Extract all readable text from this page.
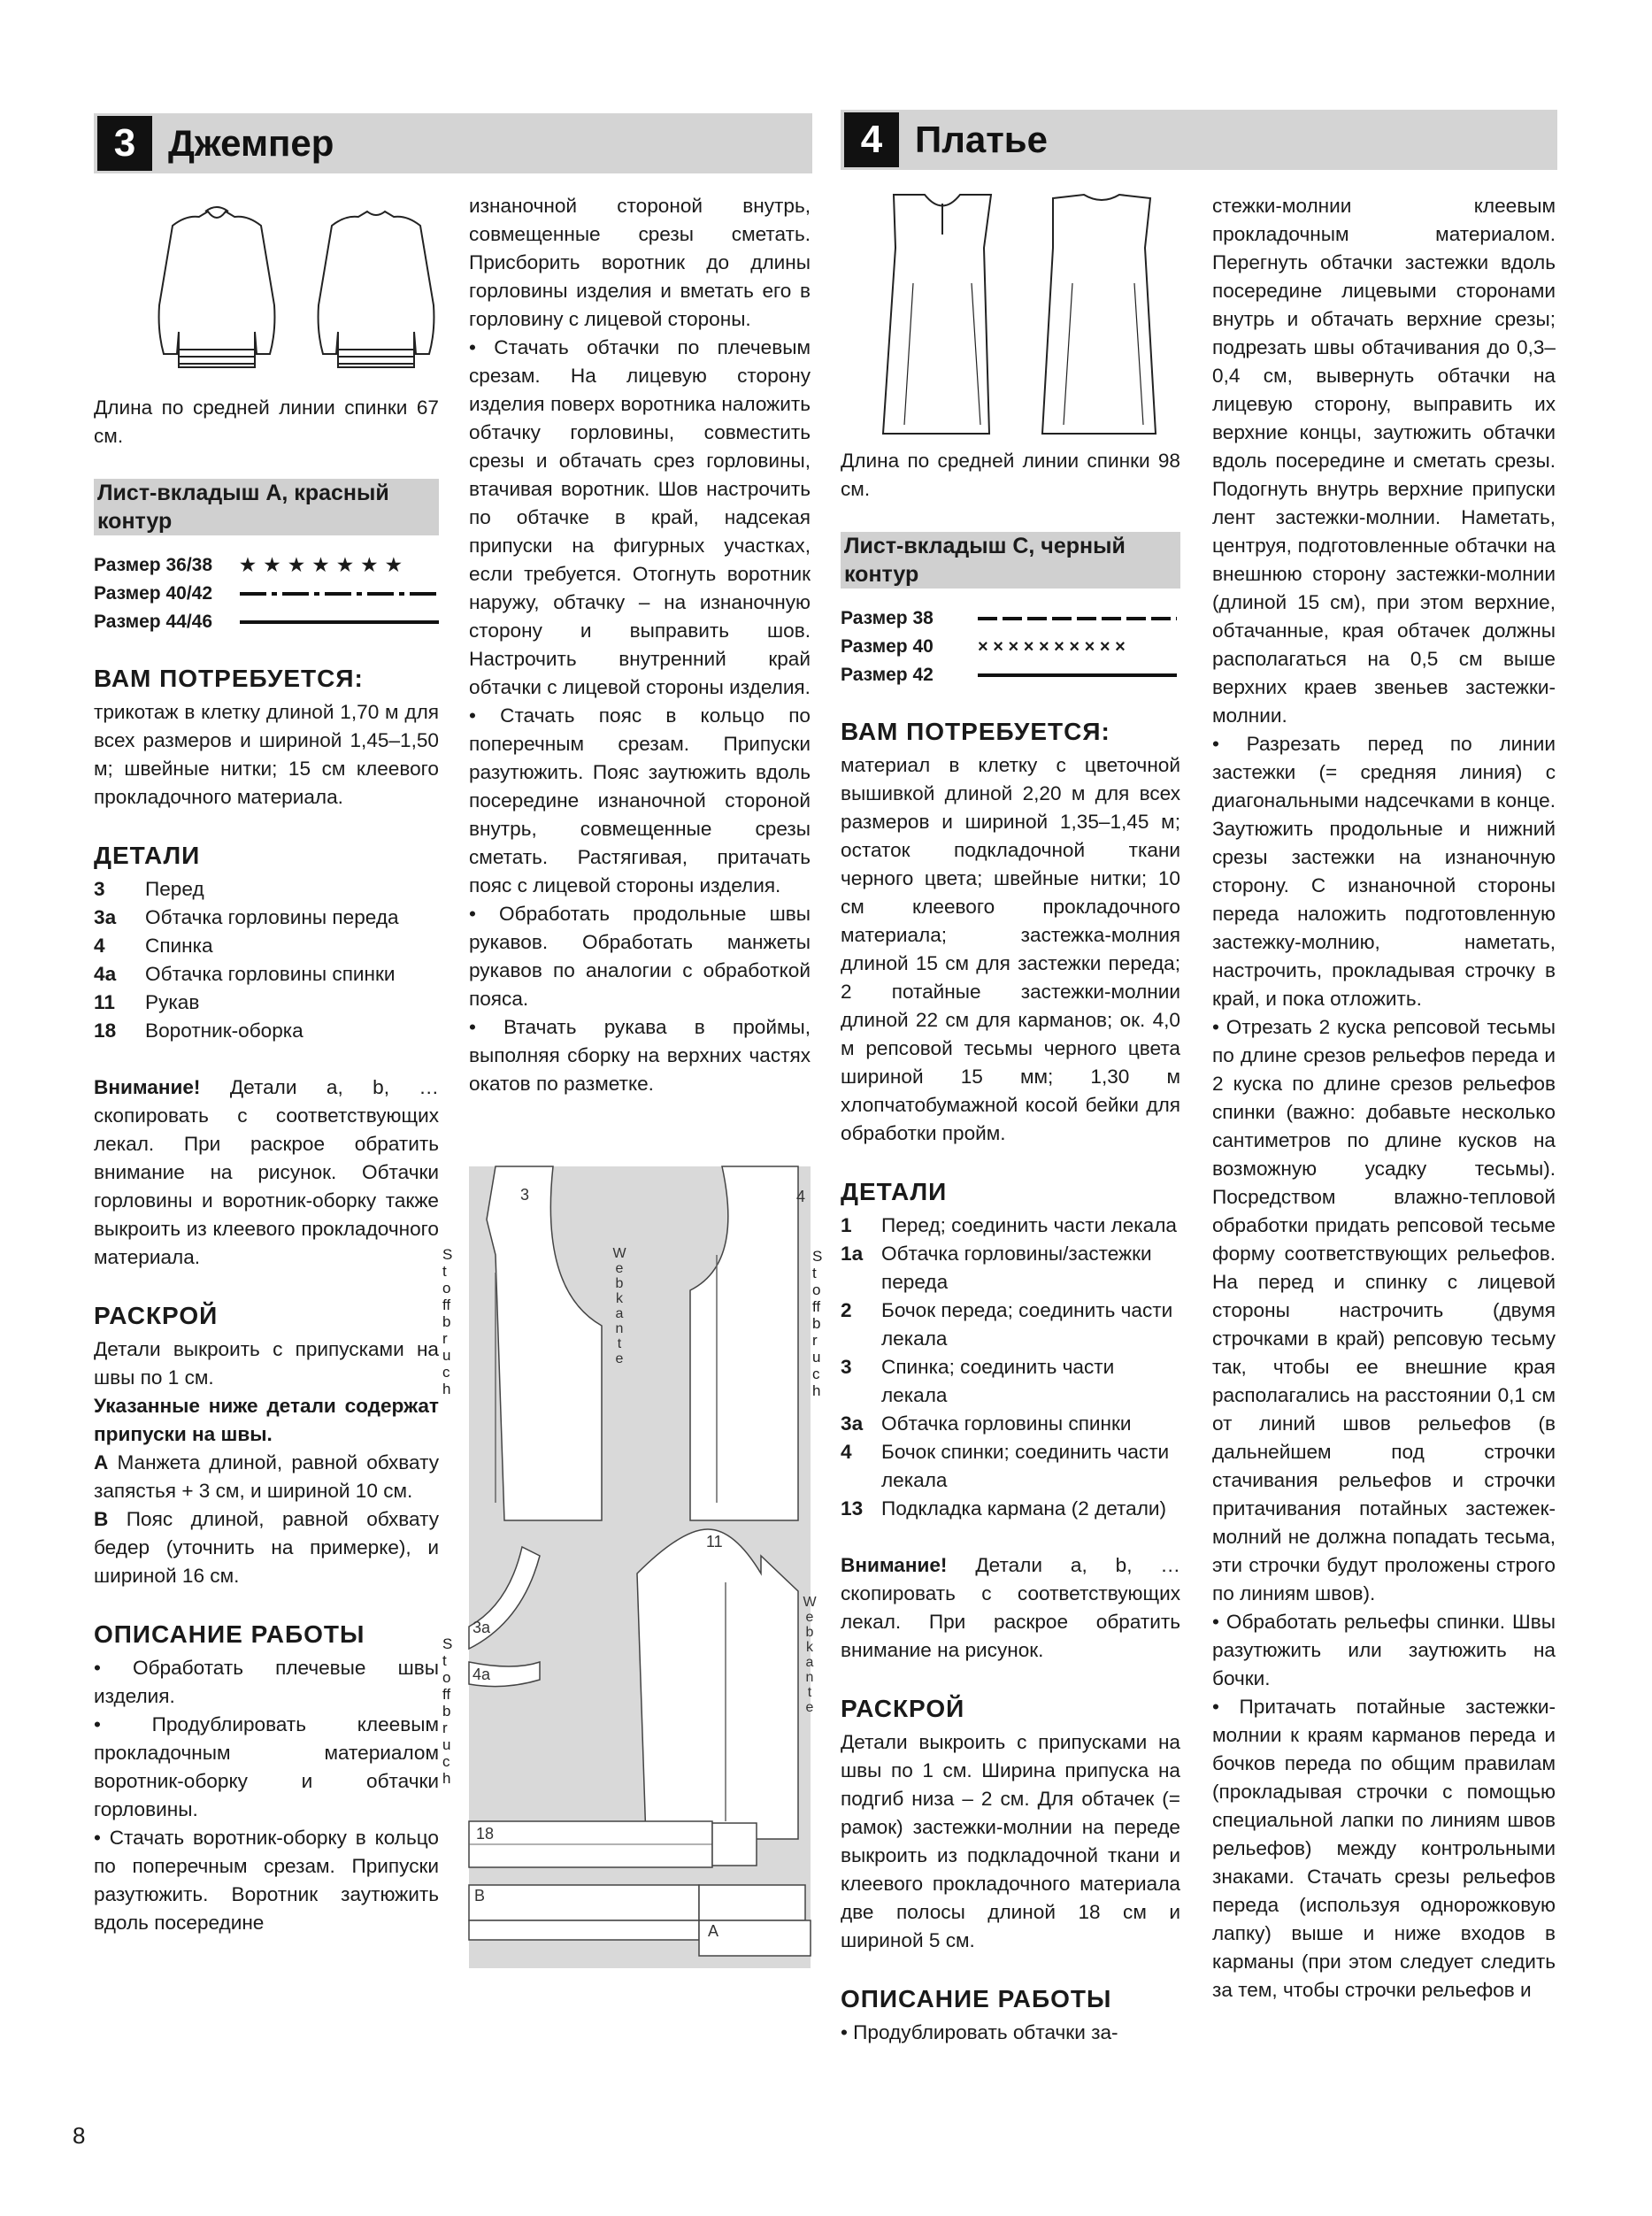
3 Джемпер

Длина по средней линии спинки 67 см.

Лист-вкладыш А, красный контур
Размер 36/38	★ ★ ★ ★ ★ ★ ★
Размер 40/42
Размер 44/46
ВАМ ПОТРЕБУЕТСЯ:

трикотаж в клетку длиной 1,70 м для всех размеров и шириной 1,45–1,50 м; швейные нитки; 15 см клеевого прокладочного материала.

ДЕТАЛИ
3	Перед
3а	Обтачка горловины переда
4	Спинка
4а	Обтачка горловины спинки
11	Рукав
18	Воротник-оборка

Внимание! Детали a, b, … скопировать с соответствующих лекал. При раскрое обратить внимание на рисунок. Обтачки горловины и воротник-оборку также выкроить из клеевого прокладочного материала.

РАСКРОЙ

Детали выкроить с припусками на швы по 1 см.

Указанные ниже детали содержат припуски на швы.

А Манжета длиной, равной обхвату запястья + 3 см, и шириной 10 см.

В Пояс длиной, равной обхвату бедер (уточнить на примерке), и шириной 16 см.

ОПИСАНИЕ РАБОТЫ

• Обработать плечевые швы изделия.

• Продублировать клеевым прокладочным материалом воротник-оборку и обтачки горловины.

• Стачать воротник-оборку в кольцо по поперечным срезам. Припуски разутюжить. Воротник заутюжить вдоль посередине

изнаночной стороной внутрь, совмещенные срезы сметать. Присборить воротник до длины горловины изделия и вметать его в горловину с лицевой стороны.

• Стачать обтачки по плечевым срезам. На лицевую сторону изделия поверх воротника наложить обтачку горловины, совместить срезы и обтачать срез горловины, втачивая воротник. Шов настрочить по обтачке в край, надсекая припуски на фигурных участках, если требуется. Отогнуть воротник наружу, обтачку – на изнаночную сторону и выправить шов. Настрочить внутренний край обтачки с лицевой стороны изделия.

• Стачать пояс в кольцо по поперечным срезам. Припуски разутюжить. Пояс заутюжить вдоль посередине изнаночной стороной внутрь, совмещенные срезы сметать. Растягивая, притачать пояс с лицевой стороны изделия.

• Обработать продольные швы рукавов. Обработать манжеты рукавов по аналогии с обработкой пояса.

• Втачать рукава в проймы, выполняя сборку на верхних частях окатов по разметке.

3	4
11
3а
4а
18
B
A
Webkante
Webkante
Stoffbruch
Stoffbruch
Stoffbruch
4 Платье

Длина по средней линии спинки 98 см.

Лист-вкладыш С, черный контур
Размер 38
Размер 40	× × × × × × × × × ×
Размер 42
ВАМ ПОТРЕБУЕТСЯ:

материал в клетку с цветочной вышивкой длиной 2,20 м для всех размеров и шириной 1,35–1,45 м; остаток подкладочной ткани черного цвета; швейные нитки; 10 см клеевого прокладочного материала; застежка-молния длиной 15 см для застежки переда; 2 потайные застежки-молнии длиной 22 см для карманов; ок. 4,0 м репсовой тесьмы черного цвета шириной 15 мм; 1,30 м хлопчатобумажной косой бейки для обработки пройм.

ДЕТАЛИ
1	Перед; соединить части лекала
1а Обтачка горловины/застежки переда
2	Бочок переда; соединить части лекала
3	Спинка; соединить части лекала
3а Обтачка горловины спинки
4	Бочок спинки; соединить части лекала
13 Подкладка кармана (2 детали)

Внимание! Детали a, b, … скопировать с соответствующих лекал. При раскрое обратить внимание на рисунок.

РАСКРОЙ

Детали выкроить с припусками на швы по 1 см. Ширина припуска на подгиб низа – 2 см. Для обтачек (= рамок) застежки-молнии на переде выкроить из подкладочной ткани и клеевого прокладочного материала две полосы длиной 18 см и шириной 5 см.

ОПИСАНИЕ РАБОТЫ

• Продублировать обтачки за-

стежки-молнии клеевым прокладочным материалом. Перегнуть обтачки застежки вдоль посередине лицевыми сторонами внутрь и обтачать верхние срезы; подрезать швы обтачивания до 0,3–0,4 см, вывернуть обтачки на лицевую сторону, выправить их верхние концы, заутюжить обтачки вдоль посередине и сметать срезы. Подогнуть внутрь верхние припуски лент застежки-молнии. Наметать, центруя, подготовленные обтачки на внешнюю сторону застежки-молнии (длиной 15 см), при этом верхние, обтачанные, края обтачек должны располагаться на 0,5 см выше верхних краев звеньев застежки-молнии.

• Разрезать перед по линии застежки (= средняя линия) с диагональными надсечками в конце. Заутюжить продольные и нижний срезы застежки на изнаночную сторону. С изнаночной стороны переда наложить подготовленную застежку-молнию, наметать, настрочить, прокладывая строчку в край, и пока отложить.

• Отрезать 2 куска репсовой тесьмы по длине срезов рельефов переда и 2 куска по длине срезов рельефов спинки (важно: добавьте несколько сантиметров по длине кусков на возможную усадку тесьмы). Посредством влажно-тепловой обработки придать репсовой тесьме форму соответствующих рельефов. На перед и спинку с лицевой стороны настрочить (двумя строчками в край) репсовую тесьму так, чтобы ее внешние края располагались на расстоянии 0,1 см от линий швов рельефов (в дальнейшем под строчки стачивания рельефов и строчки притачивания потайных застежек-молний не должна попадать тесьма, эти строчки будут проложены строго по линиям швов).

• Обработать рельефы спинки. Швы разутюжить или заутюжить на бочки.

• Притачать потайные застежки-молнии к краям карманов переда и бочков переда по общим правилам (прокладывая строчки с помощью специальной лапки по линиям швов рельефов) между контрольными знаками. Стачать срезы рельефов переда (используя однорожковую лапку) выше и ниже входов в карманы (при этом следует следить за тем, чтобы строчки рельефов и

8
